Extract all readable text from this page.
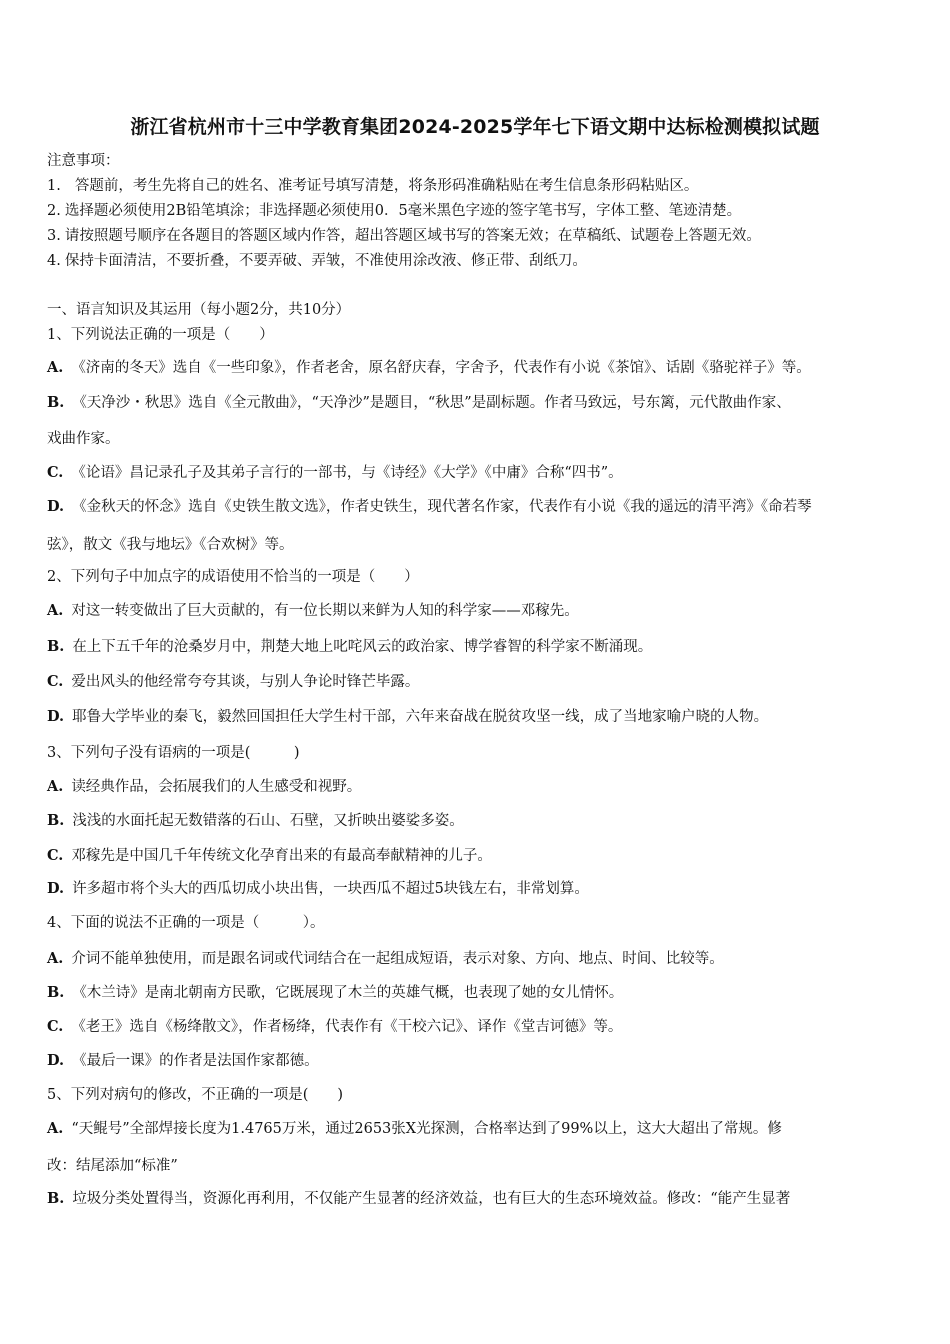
浙江省杭州市十三中学教育集团2024-2025学年七下语文期中达标检测模拟试题
注意事项：
1. 答题前，考生先将自己的姓名、准考证号填写清楚，将条形码准确粘贴在考生信息条形码粘贴区。
2. 选择题必须使用2B铅笔填涂；非选择题必须使用0．5毫米黑色字迹的签字笔书写，字体工整、笔迹清楚。
3. 请按照题号顺序在各题目的答题区域内作答，超出答题区域书写的答案无效；在草稿纸、试题卷上答题无效。
4. 保持卡面清洁，不要折叠，不要弄破、弄皱，不准使用涂改液、修正带、刮纸刀。
一、语言知识及其运用（每小题2分，共10分）
1、下列说法正确的一项是（　　）
A. 《济南的冬天》选自《一些印象》，作者老舍，原名舒庆春，字舍予，代表作有小说《茶馆》、话剧《骆驼祥子》等。
B. 《天净沙・秋思》选自《全元散曲》，“天净沙”是题目，“秋思”是副标题。作者马致远，号东篱，元代散曲作家、
戏曲作家。
C. 《论语》昌记录孔子及其弟子言行的一部书，与《诗经》《大学》《中庸》合称“四书”。
D. 《金秋天的怀念》选自《史铁生散文选》，作者史铁生，现代著名作家，代表作有小说《我的遥远的清平湾》《命若琴
弦》，散文《我与地坛》《合欢树》等。
2、下列句子中加点字的成语使用不恰当的一项是（　　）
A. 对这一转变做出了巨大贡献的，有一位长期以来鲜为人知的科学家——邓稼先。
B. 在上下五千年的沧桑岁月中，荆楚大地上叱咤风云的政治家、博学睿智的科学家不断涌现。
C. 爱出风头的他经常夸夸其谈，与别人争论时锋芒毕露。
D. 耶鲁大学毕业的秦飞，毅然回国担任大学生村干部，六年来奋战在脱贫攻坚一线，成了当地家喻户晓的人物。
3、下列句子没有语病的一项是(　　　)
A. 读经典作品，会拓展我们的人生感受和视野。
B. 浅浅的水面托起无数错落的石山、石壁，又折映出婆娑多姿。
C. 邓稼先是中国几千年传统文化孕育出来的有最高奉献精神的儿子。
D. 许多超市将个头大的西瓜切成小块出售，一块西瓜不超过5块钱左右，非常划算。
4、下面的说法不正确的一项是（　　　）。
A. 介词不能单独使用，而是跟名词或代词结合在一起组成短语，表示对象、方向、地点、时间、比较等。
B. 《木兰诗》是南北朝南方民歌，它既展现了木兰的英雄气概，也表现了她的女儿情怀。
C. 《老王》选自《杨绛散文》，作者杨绛，代表作有《干校六记》、译作《堂吉诃德》等。
D. 《最后一课》的作者是法国作家都德。
5、下列对病句的修改，不正确的一项是(　　)
A. “天鲲号”全部焊接长度为1.4765万米，通过2653张X光探测，合格率达到了99%以上，这大大超出了常规。修
改：结尾添加“标准”
B. 垃圾分类处置得当，资源化再利用，不仅能产生显著的经济效益，也有巨大的生态环境效益。修改：“能产生显著
